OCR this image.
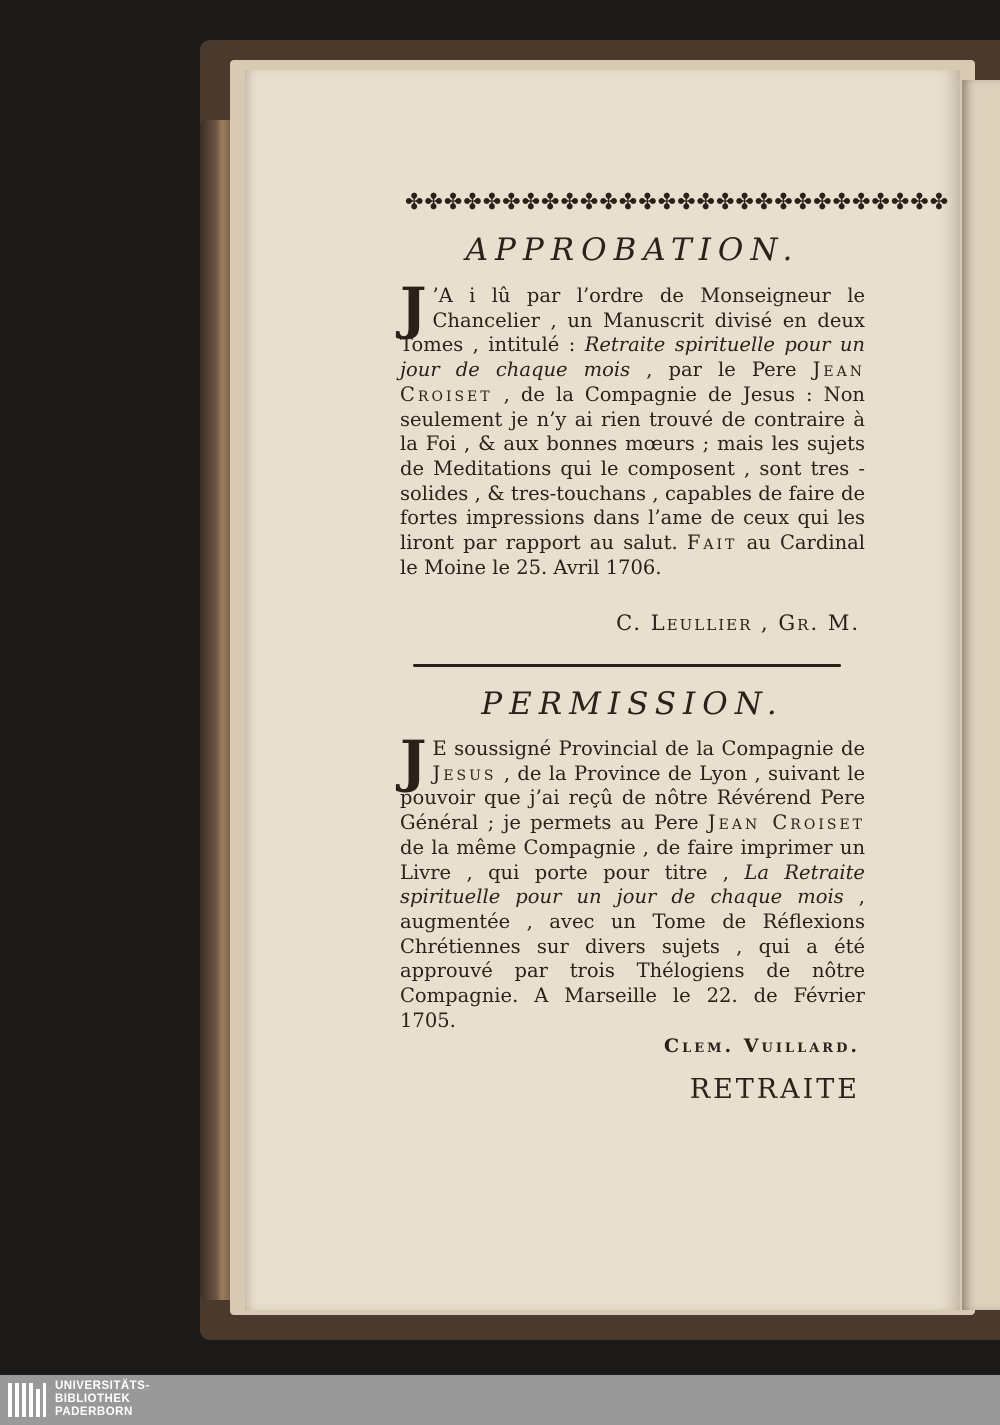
✤✤✤✤✤✤✤✤✤✤✤✤✤✤✤✤✤✤✤✤✤✤✤✤✤✤✤✤
APPROBATION.

J ’A i lû par l’ordre de Monseigneur le Chancelier , un Manuscrit divisé en deux Tomes , intitulé : Retraite spirituelle pour un jour de chaque mois , par le Pere Jean Croiset , de la Compagnie de Jesus : Non seulement je n’y ai rien trouvé de contraire à la Foi , & aux bonnes mœurs ; mais les sujets de Meditations qui le composent , sont tres - solides , & tres-touchans , capables de faire de fortes impressions dans l’ame de ceux qui les liront par rapport au salut. Fait au Cardinal le Moine le 25. Avril 1706.

C. Leullier , Gr. M.
PERMISSION.

J E soussigné Provincial de la Compagnie de Jesus , de la Province de Lyon , suivant le pouvoir que j’ai reçû de nôtre Révérend Pere Général ; je permets au Pere Jean Croiset de la même Compagnie , de faire imprimer un Livre , qui porte pour titre , La Retraite spirituelle pour un jour de chaque mois , augmentée , avec un Tome de Réflexions Chrétiennes sur divers sujets , qui a été approuvé par trois Thélogiens de nôtre Compagnie. A Marseille le 22. de Février 1705.

Clem. Vuillard.
RETRAITE
UNIVERSITÄTS-
BIBLIOTHEK
PADERBORN
